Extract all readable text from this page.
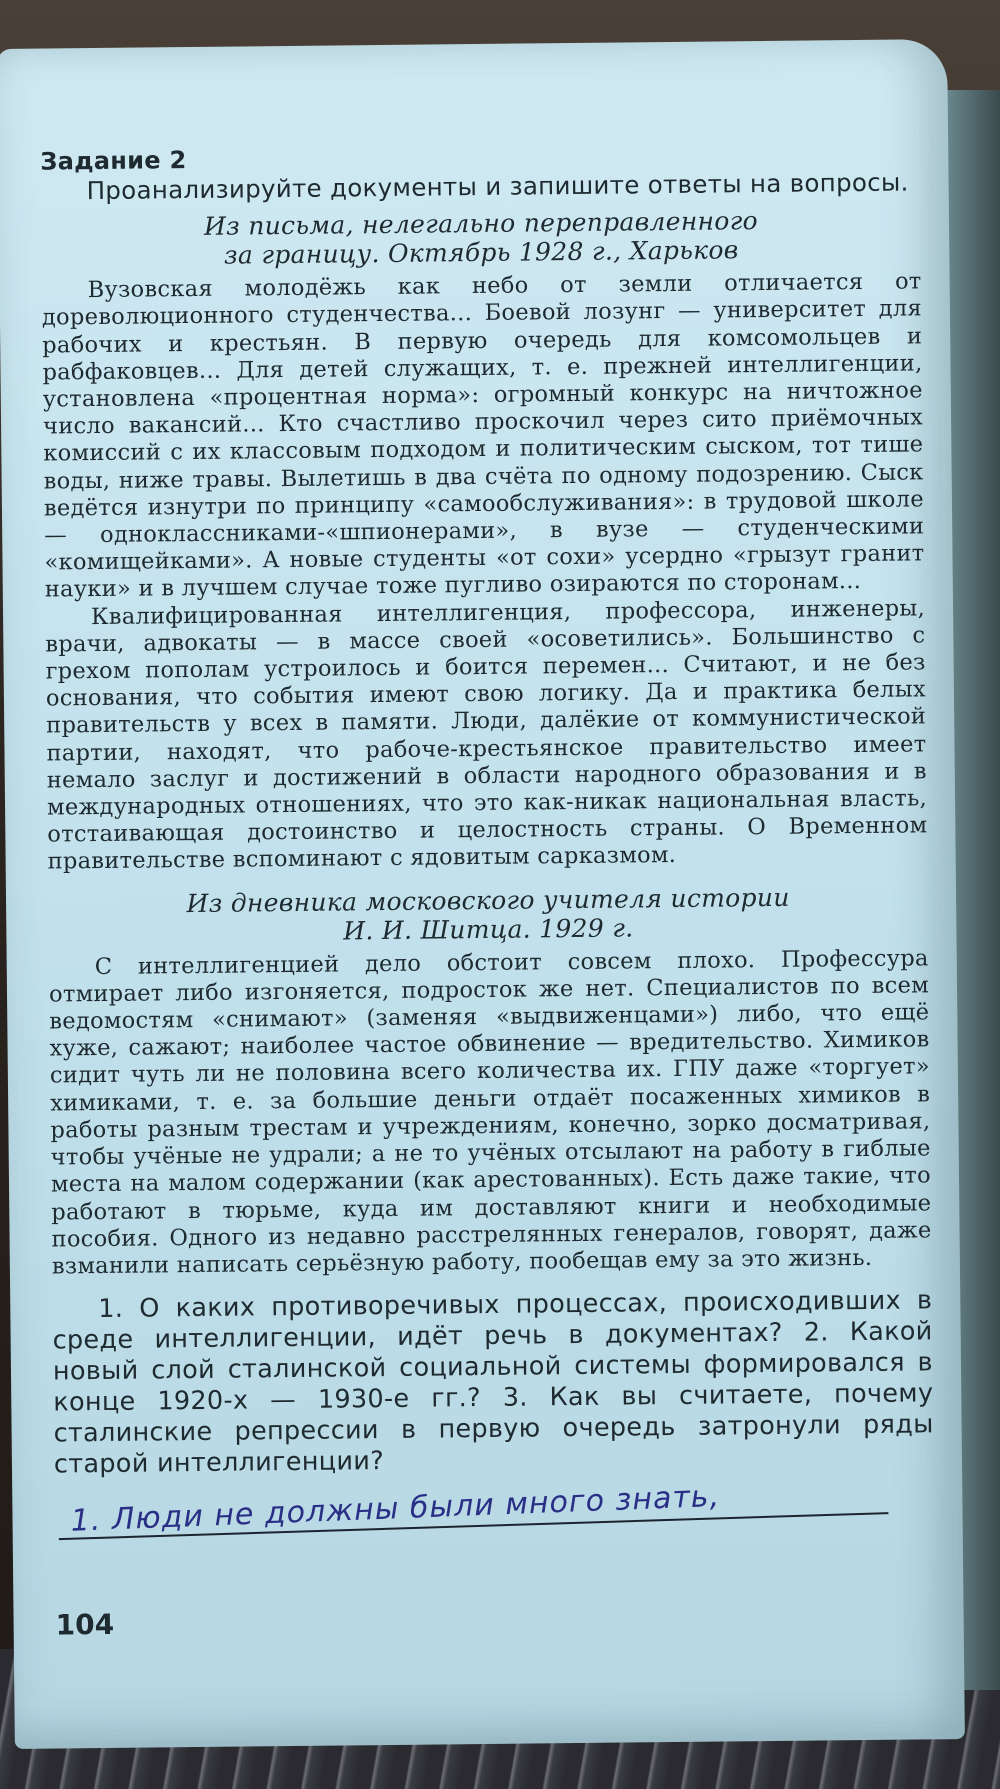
Задание 2

Проанализируйте документы и запишите ответы на вопросы.

Из письма, нелегально переправленного
за границу. Октябрь 1928 г., Харьков

Вузовская молодёжь как небо от земли отличается от дореволюционного студенчества... Боевой лозунг — университет для рабочих и крестьян. В первую очередь для комсомольцев и рабфаковцев... Для детей служащих, т. е. прежней интеллигенции, установлена «процентная норма»: огромный конкурс на ничтожное число вакансий... Кто счастливо проскочил через сито приёмочных комиссий с их классовым подходом и политическим сыском, тот тише воды, ниже травы. Вылетишь в два счёта по одному подозрению. Сыск ведётся изнутри по принципу «самообслуживания»: в трудовой школе — одноклассниками-«шпионерами», в вузе — студенческими «комищейками». А новые студенты «от сохи» усердно «грызут гранит науки» и в лучшем случае тоже пугливо озираются по сторонам...

Квалифицированная интеллигенция, профессора, инженеры, врачи, адвокаты — в массе своей «осоветились». Большинство с грехом пополам устроилось и боится перемен... Считают, и не без основания, что события имеют свою логику. Да и практика белых правительств у всех в памяти. Люди, далёкие от коммунистической партии, находят, что рабоче-крестьянское правительство имеет немало заслуг и достижений в области народного образования и в международных отношениях, что это как-никак национальная власть, отстаивающая достоинство и целостность страны. О Временном правительстве вспоминают с ядовитым сарказмом.

Из дневника московского учителя истории
И. И. Шитца. 1929 г.

С интеллигенцией дело обстоит совсем плохо. Профессура отмирает либо изгоняется, подросток же нет. Специалистов по всем ведомостям «снимают» (заменяя «выдвиженцами») либо, что ещё хуже, сажают; наиболее частое обвинение — вредительство. Химиков сидит чуть ли не половина всего количества их. ГПУ даже «торгует» химиками, т. е. за большие деньги отдаёт посаженных химиков в работы разным трестам и учреждениям, конечно, зорко досматривая, чтобы учёные не удрали; а не то учёных отсылают на работу в гиблые места на малом содержании (как арестованных). Есть даже такие, что работают в тюрьме, куда им доставляют книги и необходимые пособия. Одного из недавно расстрелянных генералов, говорят, даже взманили написать серьёзную работу, пообещав ему за это жизнь.

1. О каких противоречивых процессах, происходивших в среде интеллигенции, идёт речь в документах? 2. Какой новый слой сталинской социальной системы формировался в конце 1920-х — 1930-е гг.? 3. Как вы считаете, почему сталинские репрессии в первую очередь затронули ряды старой интеллигенции?

1. Люди не должны были много знать,
104
